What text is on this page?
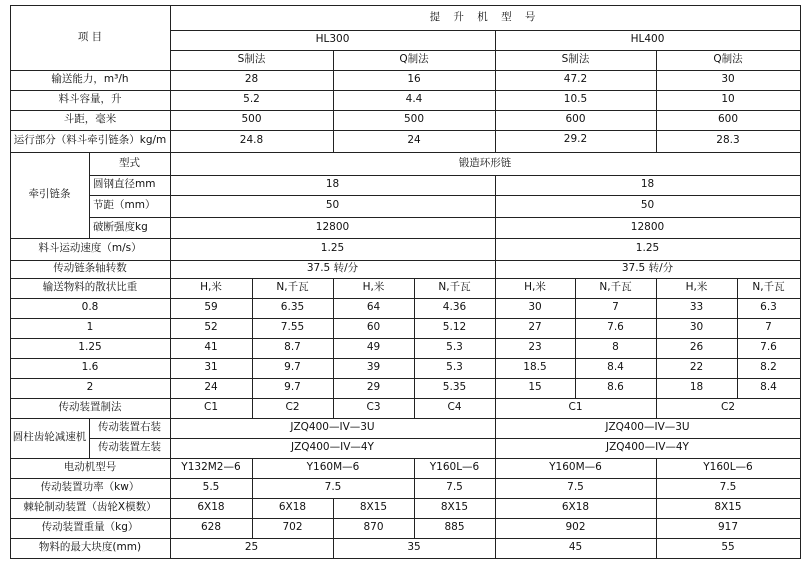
项 目
提 升 机 型 号
HL300	HL400
S制法	Q制法	S制法	Q制法
输送能力，m³/h	28	16	47.2	30
料斗容量，升	5.2	4.4	10.5	10
斗距，毫米	500	500	600	600
运行部分（料斗牵引链条）kg/m	24.8	24	29.2	28.3
牵引链条
型式	锻造环形链
圆钢直径mm	18	18
节距（mm）	50	50
破断强度kg	12800	12800
料斗运动速度（m/s）	1.25	1.25
传动链条轴转数	37.5 转/分	37.5 转/分
输送物料的散状比重	H,米	N,千瓦	H,米	N,千瓦	H,米	N,千瓦	H,米	N,千瓦
0.8	59	6.35	64	4.36	30	7	33	6.3
1	52	7.55	60	5.12	27	7.6	30	7
1.25	41	8.7	49	5.3	23	8	26	7.6
1.6	31	9.7	39	5.3	18.5	8.4	22	8.2
2	24	9.7	29	5.35	15	8.6	18	8.4
传动装置制法	C1	C2	C3	C4	C1	C2
圆柱齿轮减速机
传动装置右装	JZQ400—IV—3U	JZQ400—IV—3U
传动装置左装	JZQ400—IV—4Y	JZQ400—IV—4Y
电动机型号	Y132M2—6	Y160M—6	Y160L—6	Y160M—6	Y160L—6
传动装置功率（kw）	5.5	7.5	7.5	7.5	7.5
棘轮制动装置（齿轮X模数）	6X18	6X18	8X15	8X15	6X18	8X15
传动装置重量（kg）	628	702	870	885	902	917
物料的最大块度(mm)	25	35	45	55
